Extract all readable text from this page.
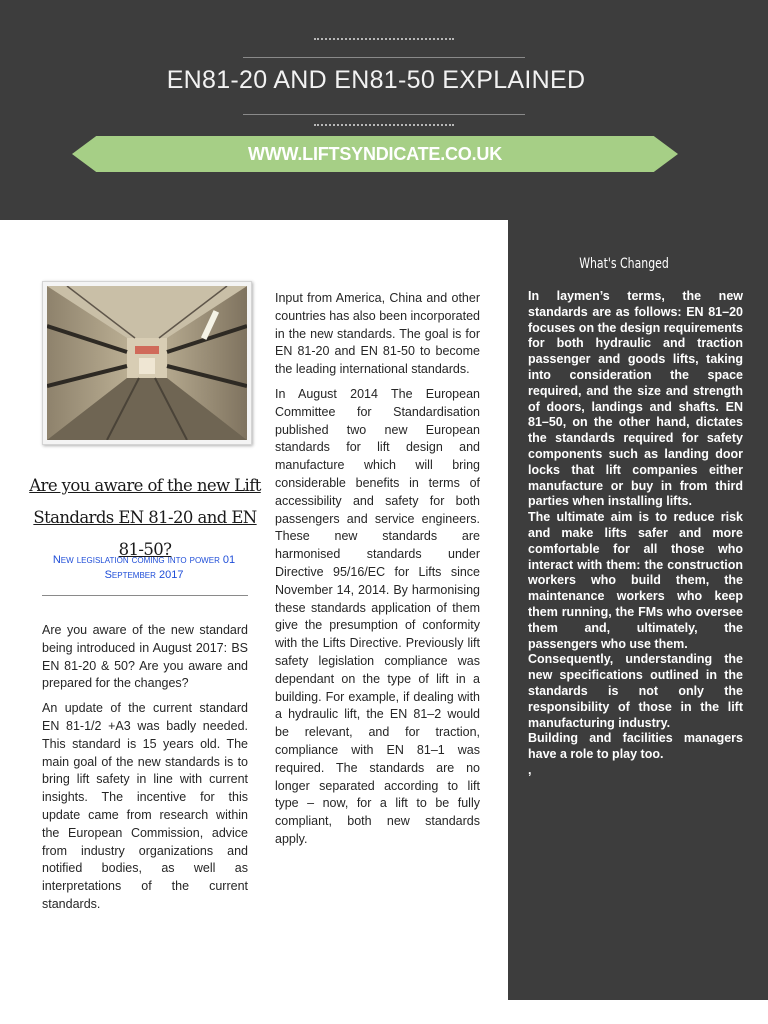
EN81-20 AND EN81-50 EXPLAINED
WWW.LIFTSYNDICATE.CO.UK
What's Changed

In laymen’s terms, the new standards are as follows: EN 81–20 focuses on the design requirements for both hydraulic and traction passenger and goods lifts, taking into consideration the space required, and the size and strength of doors, landings and shafts. EN 81–50, on the other hand, dictates the standards required for safety components such as landing door locks that lift companies either manufacture or buy in from third parties when installing lifts.

The ultimate aim is to reduce risk and make lifts safer and more comfortable for all those who interact with them: the construction workers who build them, the maintenance workers who keep them running, the FMs who oversee them and, ultimately, the passengers who use them.

Consequently, understanding the new specifications outlined in the standards is not only the responsibility of those in the lift manufacturing industry.

Building and facilities managers have a role to play too.

,

Are you aware of the new Lift
Standards EN 81-20 and EN 81-50?
New legislation coming into power 01 September 2017

Are you aware of the new standard being introduced in August 2017: BS EN 81-20 & 50? Are you aware and prepared for the changes?

An update of the current standard EN 81-1/2 +A3 was badly needed. This standard is 15 years old. The main goal of the new standards is to bring lift safety in line with current insights. The incentive for this update came from research within the European Commission, advice from industry organizations and notified bodies, as well as interpretations of the current standards.

Input from America, China and other countries has also been incorporated in the new standards. The goal is for EN 81-20 and EN 81-50 to become the leading international standards.

In August 2014 The European Committee for Standardisation published two new European standards for lift design and manufacture which will bring considerable benefits in terms of accessibility and safety for both passengers and service engineers. These new standards are harmonised standards under Directive 95/16/EC for Lifts since November 14, 2014. By harmonising these standards application of them give the presumption of conformity with the Lifts Directive. Previously lift safety legislation compliance was dependant on the type of lift in a building. For example, if dealing with a hydraulic lift, the EN 81–2 would be relevant, and for traction, compliance with EN 81–1 was required. The standards are no longer separated according to lift type – now, for a lift to be fully compliant, both new standards apply.
